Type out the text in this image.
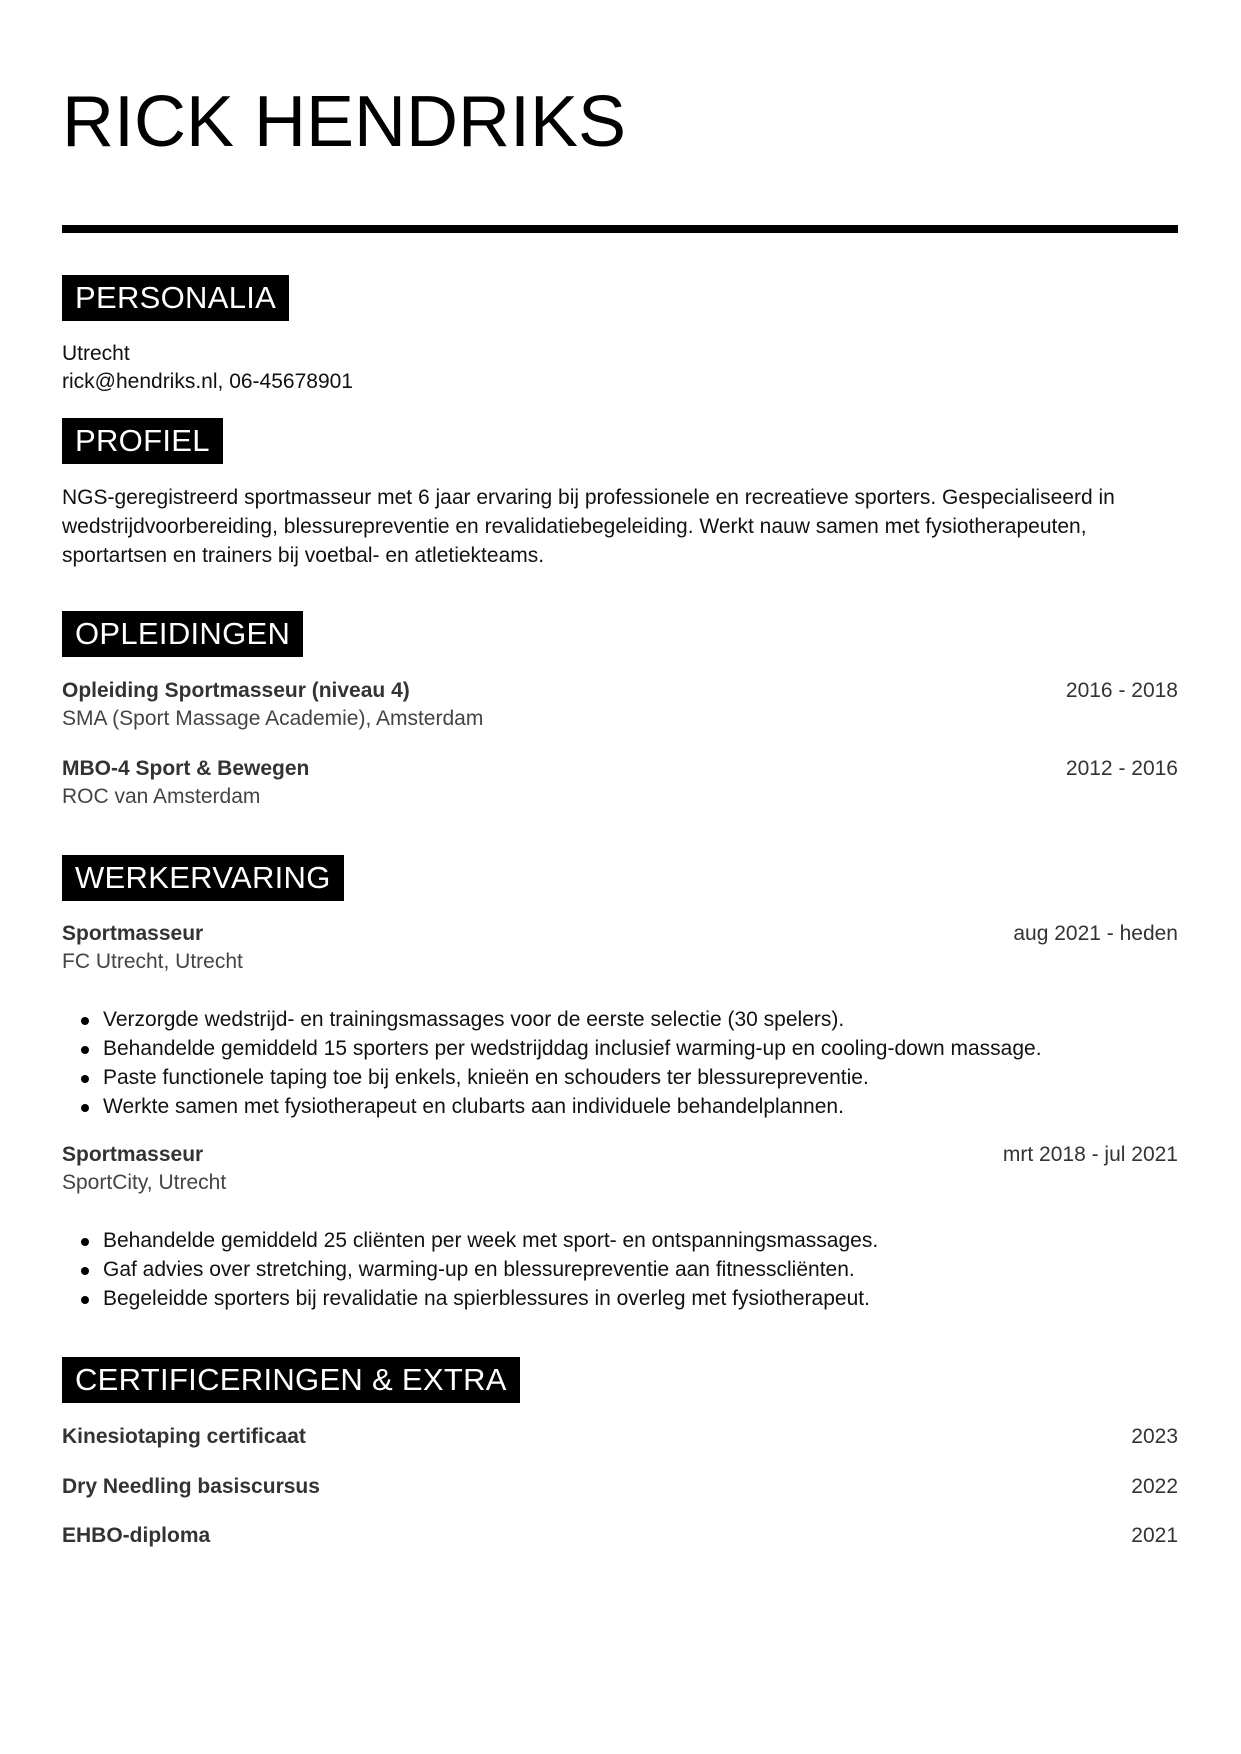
RICK HENDRIKS
PERSONALIA
Utrecht
rick@hendriks.nl, 06-45678901
PROFIEL
NGS-geregistreerd sportmasseur met 6 jaar ervaring bij professionele en recreatieve sporters. Gespecialiseerd in wedstrijdvoorbereiding, blessurepreventie en revalidatiebegeleiding. Werkt nauw samen met fysiotherapeuten, sportartsen en trainers bij voetbal- en atletiekteams.
OPLEIDINGEN
Opleiding Sportmasseur (niveau 4)	2016 - 2018
SMA (Sport Massage Academie), Amsterdam
MBO-4 Sport & Bewegen	2012 - 2016
ROC van Amsterdam
WERKERVARING
Sportmasseur	aug 2021 - heden
FC Utrecht, Utrecht
Verzorgde wedstrijd- en trainingsmassages voor de eerste selectie (30 spelers).
Behandelde gemiddeld 15 sporters per wedstrijddag inclusief warming-up en cooling-down massage.
Paste functionele taping toe bij enkels, knieën en schouders ter blessurepreventie.
Werkte samen met fysiotherapeut en clubarts aan individuele behandelplannen.
Sportmasseur	mrt 2018 - jul 2021
SportCity, Utrecht
Behandelde gemiddeld 25 cliënten per week met sport- en ontspanningsmassages.
Gaf advies over stretching, warming-up en blessurepreventie aan fitnesscliënten.
Begeleidde sporters bij revalidatie na spierblessures in overleg met fysiotherapeut.
CERTIFICERINGEN & EXTRA
Kinesiotaping certificaat	2023
Dry Needling basiscursus	2022
EHBO-diploma	2021
